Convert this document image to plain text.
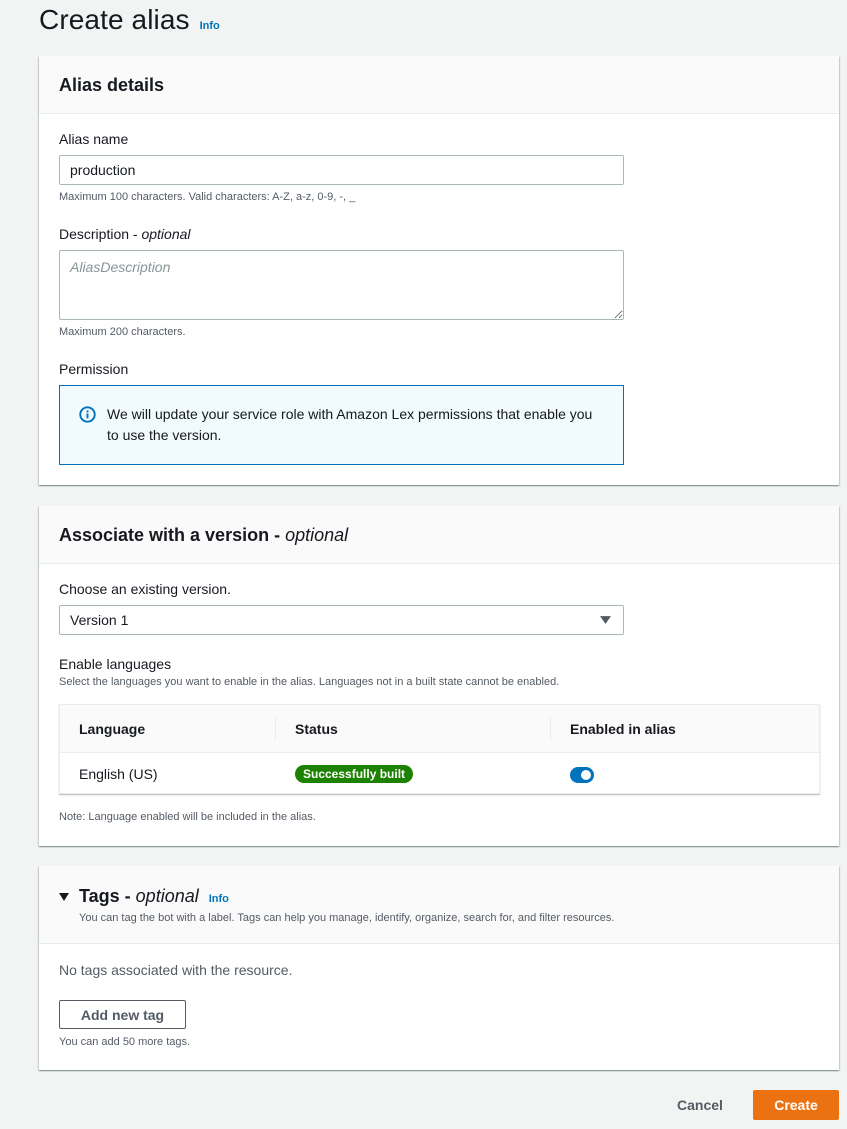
Create alias Info
Alias details
Alias name
production
Maximum 100 characters. Valid characters: A-Z, a-z, 0-9, -, _
Description - optional
AliasDescription
Maximum 200 characters.
Permission
We will update your service role with Amazon Lex permissions that enable you to use the version.
Associate with a version - optional
Choose an existing version.
Version 1
Enable languages
Select the languages you want to enable in the alias. Languages not in a built state cannot be enabled.
Language	Status	Enabled in alias
English (US)	Successfully built
Note: Language enabled will be included in the alias.
Tags - optional Info
You can tag the bot with a label. Tags can help you manage, identify, organize, search for, and filter resources.
No tags associated with the resource.
Add new tag
You can add 50 more tags.
Cancel	Create
